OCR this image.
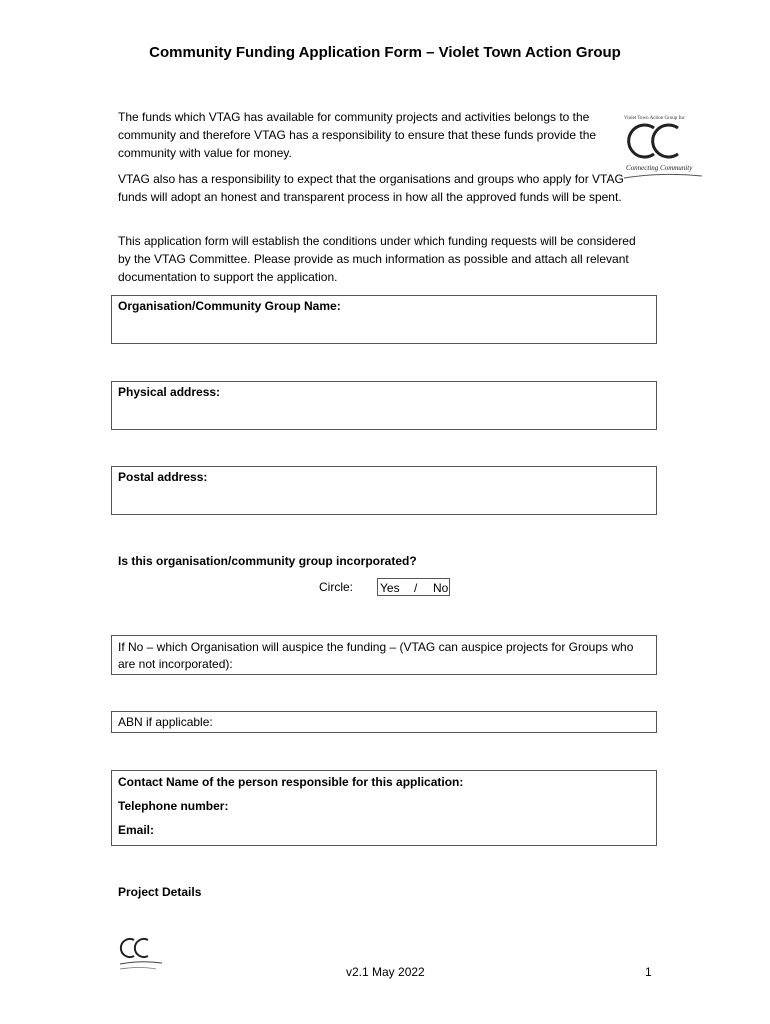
Community Funding Application Form – Violet Town Action Group
Violet Town Action Group Inc
Connecting Community
The funds which VTAG has available for community projects and activities belongs to the community and therefore VTAG has a responsibility to ensure that these funds provide the community with value for money.
VTAG also has a responsibility to expect that the organisations and groups who apply for VTAG funds will adopt an honest and transparent process in how all the approved funds will be spent.
This application form will establish the conditions under which funding requests will be considered by the VTAG Committee. Please provide as much information as possible and attach all relevant documentation to support the application.
Organisation/Community Group Name:
Physical address:
Postal address:
Is this organisation/community group incorporated?
Circle: Yes / No
If No – which Organisation will auspice the funding – (VTAG can auspice projects for Groups who are not incorporated):
ABN if applicable:
Contact Name of the person responsible for this application:
Telephone number:
Email:
Project Details
v2.1 May 2022	1
